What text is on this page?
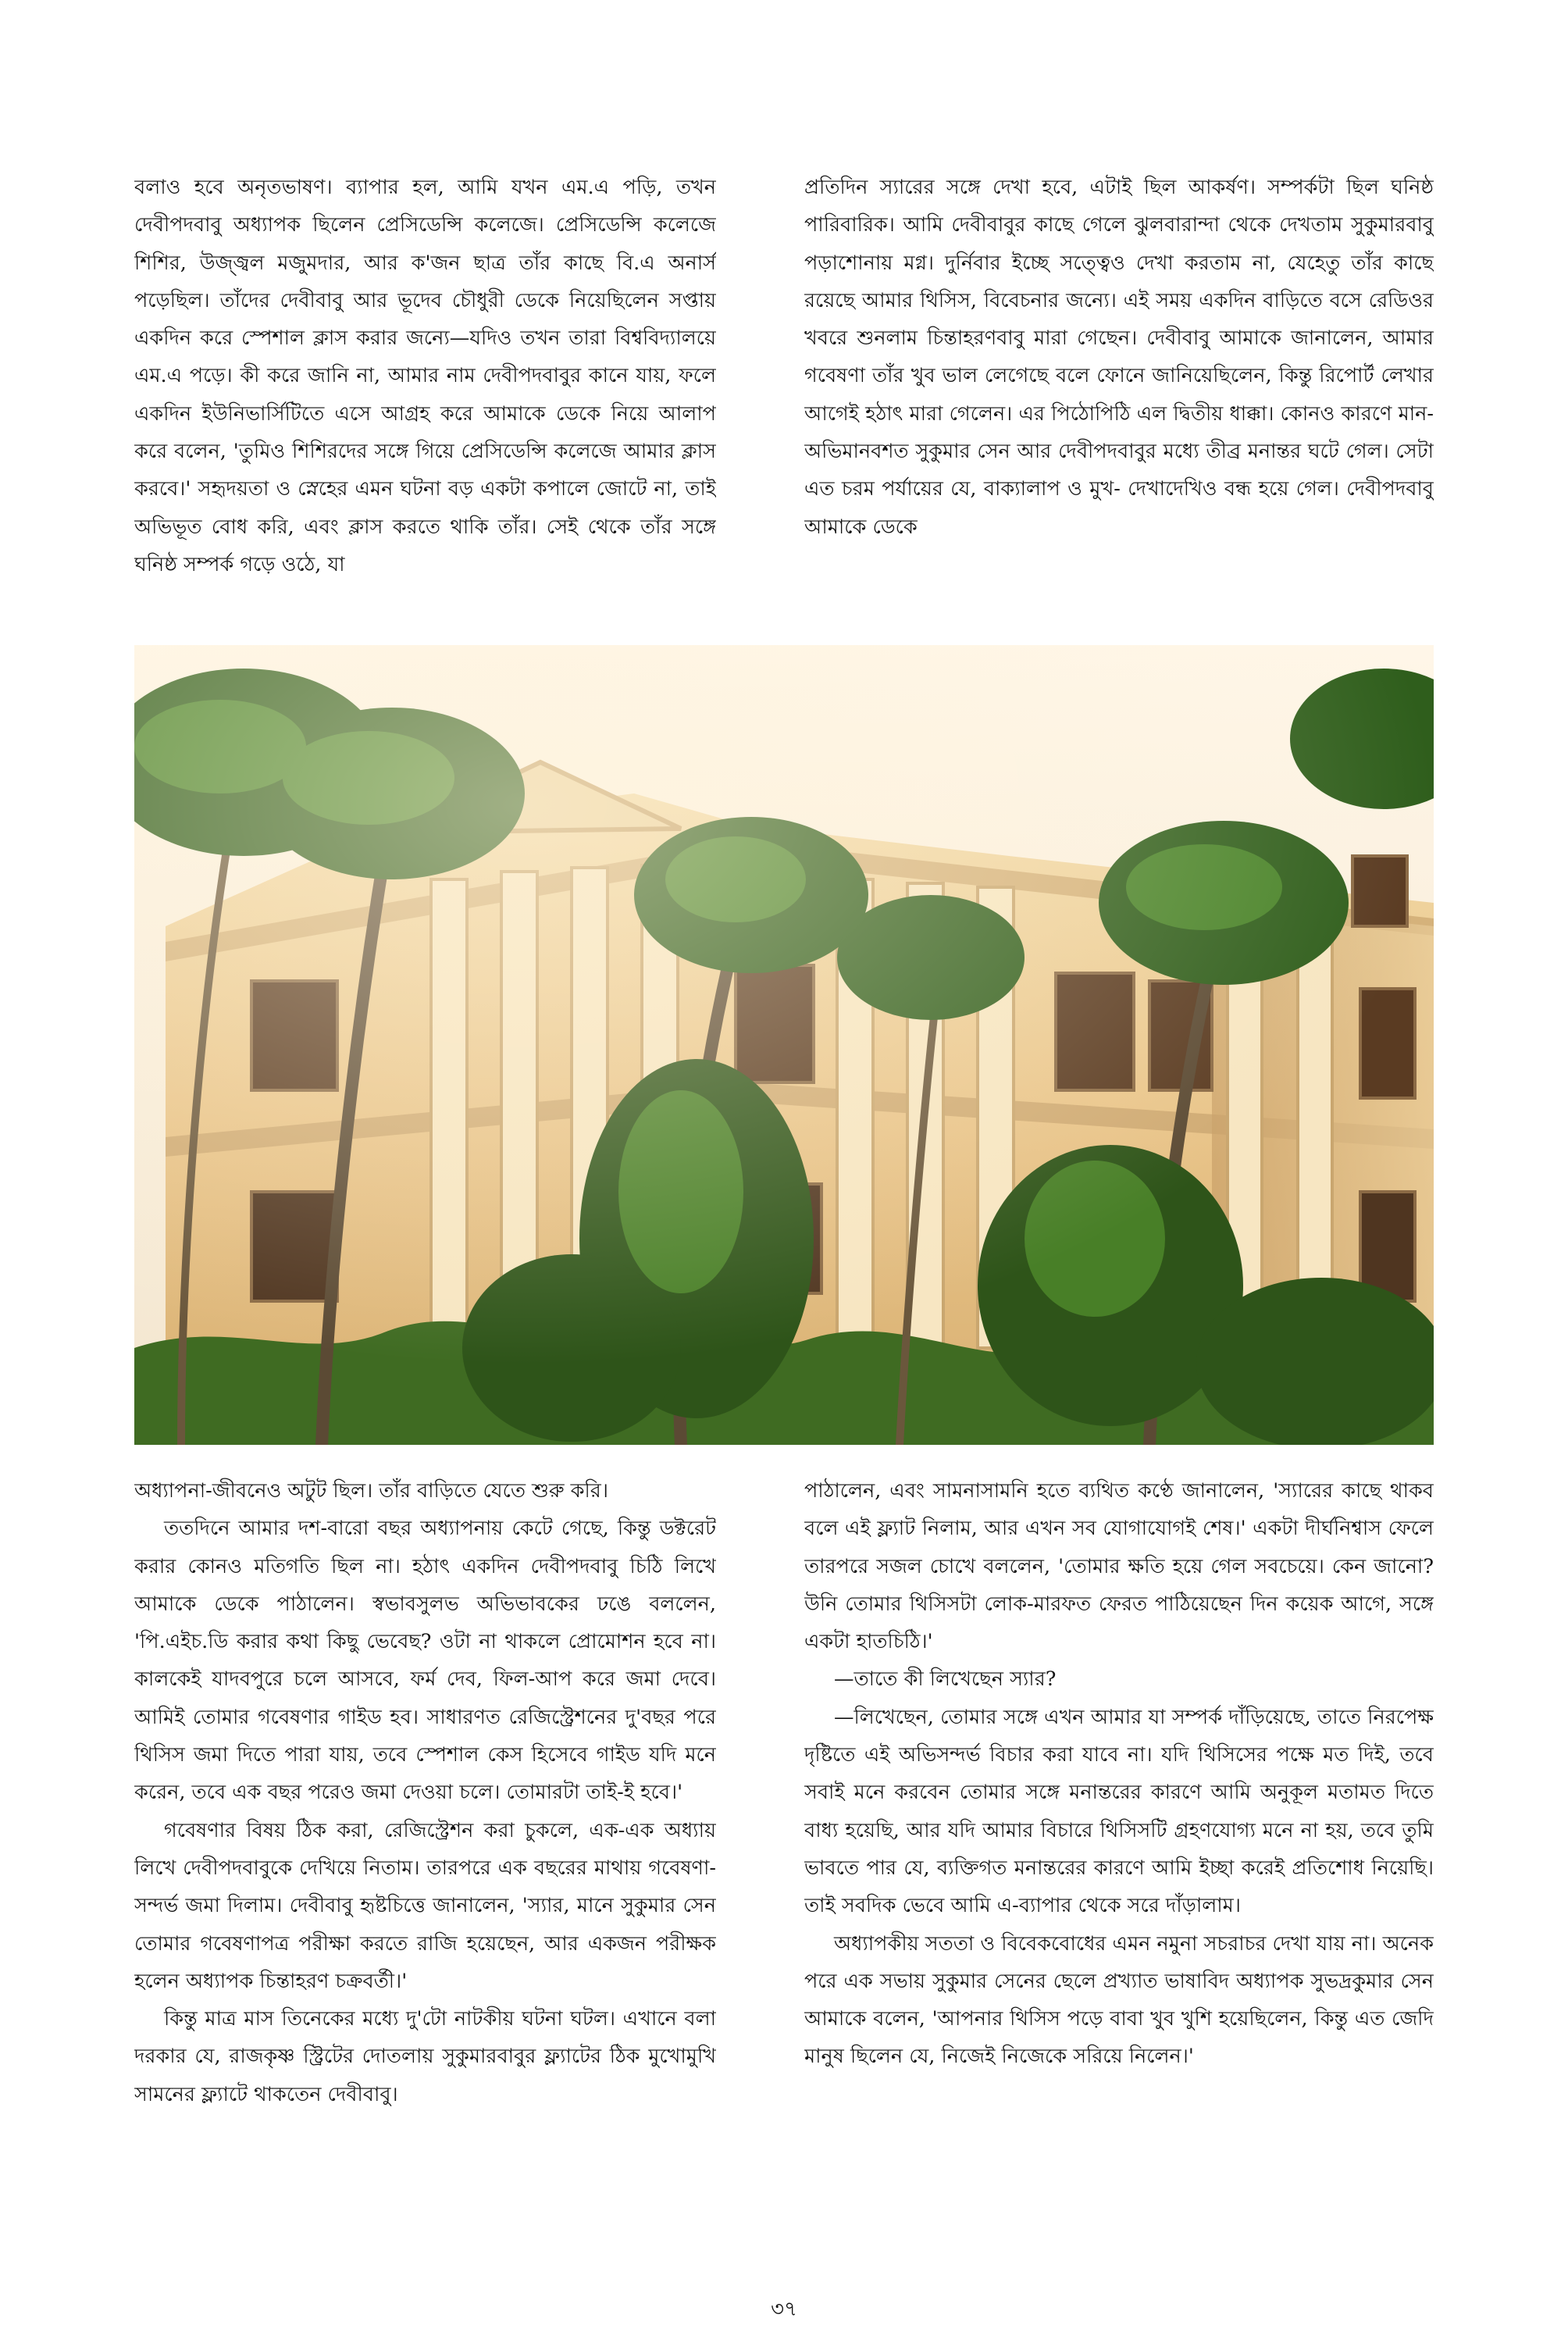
বলাও হবে অনৃতভাষণ। ব্যাপার হল, আমি যখন এম.এ পড়ি, তখন দেবীপদবাবু অধ্যাপক ছিলেন প্রেসিডেন্সি কলেজে। প্রেসিডেন্সি কলেজে শিশির, উজ্জ্বল মজুমদার, আর ক'জন ছাত্র তাঁর কাছে বি.এ অনার্স পড়েছিল। তাঁদের দেবীবাবু আর ভূদেব চৌধুরী ডেকে নিয়েছিলেন সপ্তায় একদিন করে স্পেশাল ক্লাস করার জন্যে—যদিও তখন তারা বিশ্ববিদ্যালয়ে এম.এ পড়ে। কী করে জানি না, আমার নাম দেবীপদবাবুর কানে যায়, ফলে একদিন ইউনিভার্সিটিতে এসে আগ্রহ করে আমাকে ডেকে নিয়ে আলাপ করে বলেন, 'তুমিও শিশিরদের সঙ্গে গিয়ে প্রেসিডেন্সি কলেজে আমার ক্লাস করবে।' সহৃদয়তা ও স্নেহের এমন ঘটনা বড় একটা কপালে জোটে না, তাই অভিভূত বোধ করি, এবং ক্লাস করতে থাকি তাঁর। সেই থেকে তাঁর সঙ্গে ঘনিষ্ঠ সম্পর্ক গড়ে ওঠে, যা

প্রতিদিন স্যারের সঙ্গে দেখা হবে, এটাই ছিল আকর্ষণ। সম্পর্কটা ছিল ঘনিষ্ঠ পারিবারিক। আমি দেবীবাবুর কাছে গেলে ঝুলবারান্দা থেকে দেখতাম সুকুমারবাবু পড়াশোনায় মগ্ন। দুর্নিবার ইচ্ছে সত্ত্বেও দেখা করতাম না, যেহেতু তাঁর কাছে রয়েছে আমার থিসিস, বিবেচনার জন্যে। এই সময় একদিন বাড়িতে বসে রেডিওর খবরে শুনলাম চিন্তাহরণবাবু মারা গেছেন। দেবীবাবু আমাকে জানালেন, আমার গবেষণা তাঁর খুব ভাল লেগেছে বলে ফোনে জানিয়েছিলেন, কিন্তু রিপোর্ট লেখার আগেই হঠাৎ মারা গেলেন। এর পিঠোপিঠি এল দ্বিতীয় ধাক্কা। কোনও কারণে মান-অভিমানবশত সুকুমার সেন আর দেবীপদবাবুর মধ্যে তীব্র মনান্তর ঘটে গেল। সেটা এত চরম পর্যায়ের যে, বাক্যালাপ ও মুখ- দেখাদেখিও বন্ধ হয়ে গেল। দেবীপদবাবু আমাকে ডেকে

অধ্যাপনা-জীবনেও অটুট ছিল। তাঁর বাড়িতে যেতে শুরু করি।

ততদিনে আমার দশ-বারো বছর অধ্যাপনায় কেটে গেছে, কিন্তু ডক্টরেট করার কোনও মতিগতি ছিল না। হঠাৎ একদিন দেবীপদবাবু চিঠি লিখে আমাকে ডেকে পাঠালেন। স্বভাবসুলভ অভিভাবকের ঢঙে বললেন, 'পি.এইচ.ডি করার কথা কিছু ভেবেছ? ওটা না থাকলে প্রোমোশন হবে না। কালকেই যাদবপুরে চলে আসবে, ফর্ম দেব, ফিল-আপ করে জমা দেবে। আমিই তোমার গবেষণার গাইড হব। সাধারণত রেজিস্ট্রেশনের দু'বছর পরে থিসিস জমা দিতে পারা যায়, তবে স্পেশাল কেস হিসেবে গাইড যদি মনে করেন, তবে এক বছর পরেও জমা দেওয়া চলে। তোমারটা তাই-ই হবে।'

গবেষণার বিষয় ঠিক করা, রেজিস্ট্রেশন করা চুকলে, এক-এক অধ্যায় লিখে দেবীপদবাবুকে দেখিয়ে নিতাম। তারপরে এক বছরের মাথায় গবেষণা-সন্দর্ভ জমা দিলাম। দেবীবাবু হৃষ্টচিত্তে জানালেন, 'স্যার, মানে সুকুমার সেন তোমার গবেষণাপত্র পরীক্ষা করতে রাজি হয়েছেন, আর একজন পরীক্ষক হলেন অধ্যাপক চিন্তাহরণ চক্রবর্তী।'

কিন্তু মাত্র মাস তিনেকের মধ্যে দু'টো নাটকীয় ঘটনা ঘটল। এখানে বলা দরকার যে, রাজকৃষ্ণ স্ট্রিটের দোতলায় সুকুমারবাবুর ফ্ল্যাটের ঠিক মুখোমুখি সামনের ফ্ল্যাটে থাকতেন দেবীবাবু।

পাঠালেন, এবং সামনাসামনি হতে ব্যথিত কণ্ঠে জানালেন, 'স্যারের কাছে থাকব বলে এই ফ্ল্যাট নিলাম, আর এখন সব যোগাযোগই শেষ।' একটা দীর্ঘনিশ্বাস ফেলে তারপরে সজল চোখে বললেন, 'তোমার ক্ষতি হয়ে গেল সবচেয়ে। কেন জানো? উনি তোমার থিসিসটা লোক-মারফত ফেরত পাঠিয়েছেন দিন কয়েক আগে, সঙ্গে একটা হাতচিঠি।'

—তাতে কী লিখেছেন স্যার?

—লিখেছেন, তোমার সঙ্গে এখন আমার যা সম্পর্ক দাঁড়িয়েছে, তাতে নিরপেক্ষ দৃষ্টিতে এই অভিসন্দর্ভ বিচার করা যাবে না। যদি থিসিসের পক্ষে মত দিই, তবে সবাই মনে করবেন তোমার সঙ্গে মনান্তরের কারণে আমি অনুকূল মতামত দিতে বাধ্য হয়েছি, আর যদি আমার বিচারে থিসিসটি গ্রহণযোগ্য মনে না হয়, তবে তুমি ভাবতে পার যে, ব্যক্তিগত মনান্তরের কারণে আমি ইচ্ছা করেই প্রতিশোধ নিয়েছি। তাই সবদিক ভেবে আমি এ-ব্যাপার থেকে সরে দাঁড়ালাম।

অধ্যাপকীয় সততা ও বিবেকবোধের এমন নমুনা সচরাচর দেখা যায় না। অনেক পরে এক সভায় সুকুমার সেনের ছেলে প্রখ্যাত ভাষাবিদ অধ্যাপক সুভদ্রকুমার সেন আমাকে বলেন, 'আপনার থিসিস পড়ে বাবা খুব খুশি হয়েছিলেন, কিন্তু এত জেদি মানুষ ছিলেন যে, নিজেই নিজেকে সরিয়ে নিলেন।'

৩৭
